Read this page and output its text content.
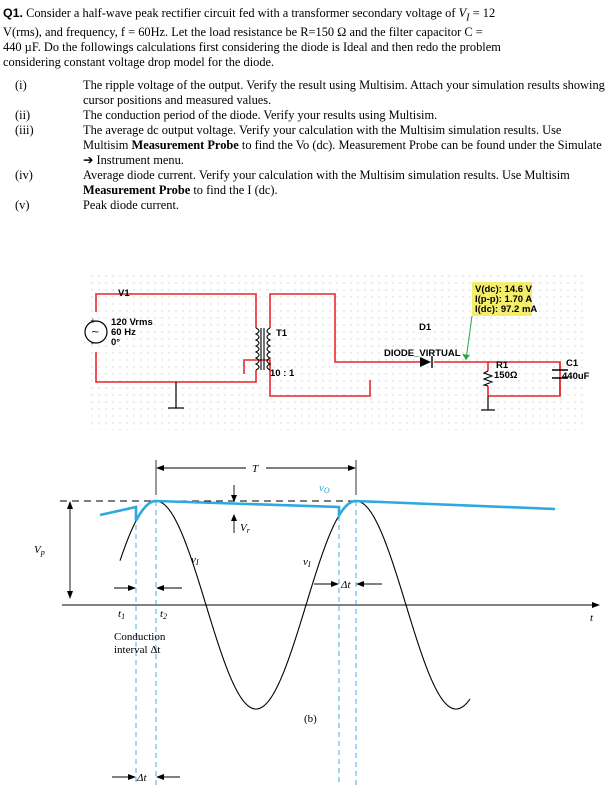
Q1. Consider a half-wave peak rectifier circuit fed with a transformer secondary voltage of $V_I = 12$

V(rms), and frequency, f = 60Hz. Let the load resistance be R=150 Ω and the filter capacitor C =

440 µF. Do the followings calculations first considering the diode is Ideal and then redo the problem

considering constant voltage drop model for the diode.

(i)	The ripple voltage of the output. Verify the result using Multisim. Attach your simulation results showing cursor positions and measured values.
(ii)	The conduction period of the diode. Verify your results using Multisim.
(iii)	The average dc output voltage. Verify your calculation with the Multisim simulation results. Use Multisim Measurement Probe to find the Vo (dc). Measurement Probe can be found under the Simulate ➔ Instrument menu.
(iv)	Average diode current. Verify your calculation with the Multisim simulation results. Use Multisim Measurement Probe to find the I (dc).
(v)	Peak diode current.
~
+
-
V1
120 Vrms
60 Hz
0°
T1
10 : 1
D1
DIODE_VIRTUAL
V(dc): 14.6 V
I(p-p): 1.70 A
I(dc): 97.2 mA
R1
150Ω
C1
440uF
t
T
Vr
vO
Vp
vI	vI
Δt
t1	t2
Conduction
interval Δt
(b)
Δt
